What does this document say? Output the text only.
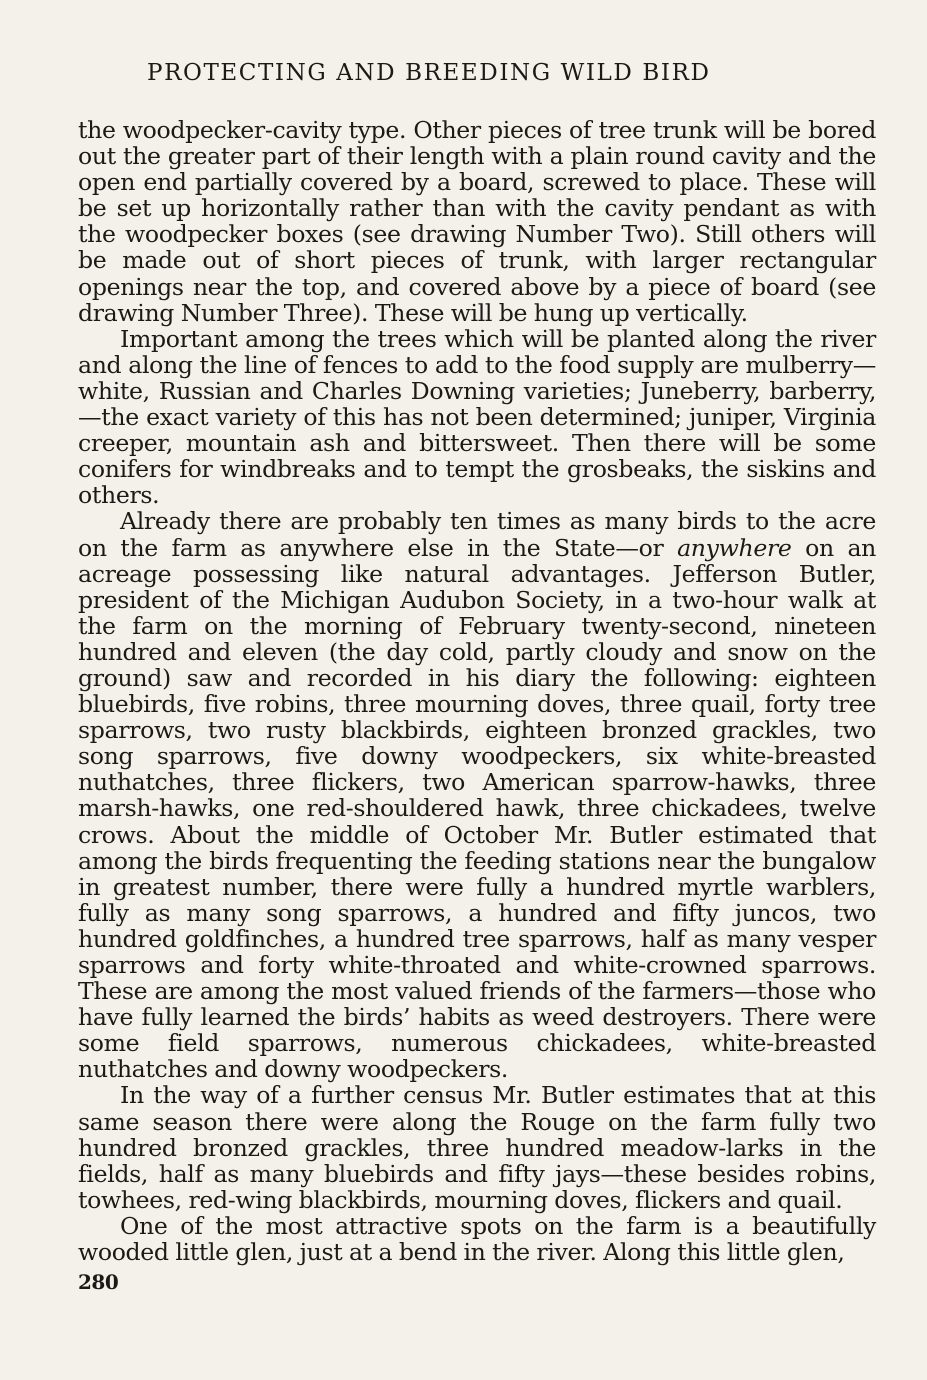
PROTECTING AND BREEDING WILD BIRD

the woodpecker-cavity type. Other pieces of tree trunk will be bored out the greater part of their length with a plain round cavity and the open end partially covered by a board, screwed to place. These will be set up horizontally rather than with the cavity pendant as with the woodpecker boxes (see drawing Number Two). Still others will be made out of short pieces of trunk, with larger rectangular openings near the top, and covered above by a piece of board (see drawing Number Three). These will be hung up vertically.

Important among the trees which will be planted along the river and along the line of fences to add to the food supply are mulberry—white, Russian and Charles Downing varieties; Juneberry, barberry,—the exact variety of this has not been determined; juniper, Virginia creeper, mountain ash and bittersweet. Then there will be some conifers for windbreaks and to tempt the grosbeaks, the siskins and others.

Already there are probably ten times as many birds to the acre on the farm as anywhere else in the State—or anywhere on an acreage possessing like natural advantages. Jefferson Butler, president of the Michigan Audubon Society, in a two-hour walk at the farm on the morning of February twenty-second, nineteen hundred and eleven (the day cold, partly cloudy and snow on the ground) saw and recorded in his diary the following: eighteen bluebirds, five robins, three mourning doves, three quail, forty tree sparrows, two rusty blackbirds, eighteen bronzed grackles, two song sparrows, five downy woodpeckers, six white-breasted nuthatches, three flickers, two American sparrow-hawks, three marsh-hawks, one red-shouldered hawk, three chickadees, twelve crows. About the middle of October Mr. Butler estimated that among the birds frequenting the feeding stations near the bungalow in greatest number, there were fully a hundred myrtle warblers, fully as many song sparrows, a hundred and fifty juncos, two hundred goldfinches, a hundred tree sparrows, half as many vesper sparrows and forty white-throated and white-crowned sparrows. These are among the most valued friends of the farmers—those who have fully learned the birds’ habits as weed destroyers. There were some field sparrows, numerous chickadees, white-breasted nuthatches and downy woodpeckers.

In the way of a further census Mr. Butler estimates that at this same season there were along the Rouge on the farm fully two hundred bronzed grackles, three hundred meadow-larks in the fields, half as many bluebirds and fifty jays—these besides robins, towhees, red-wing blackbirds, mourning doves, flickers and quail.

One of the most attractive spots on the farm is a beautifully wooded little glen, just at a bend in the river. Along this little glen,

280
